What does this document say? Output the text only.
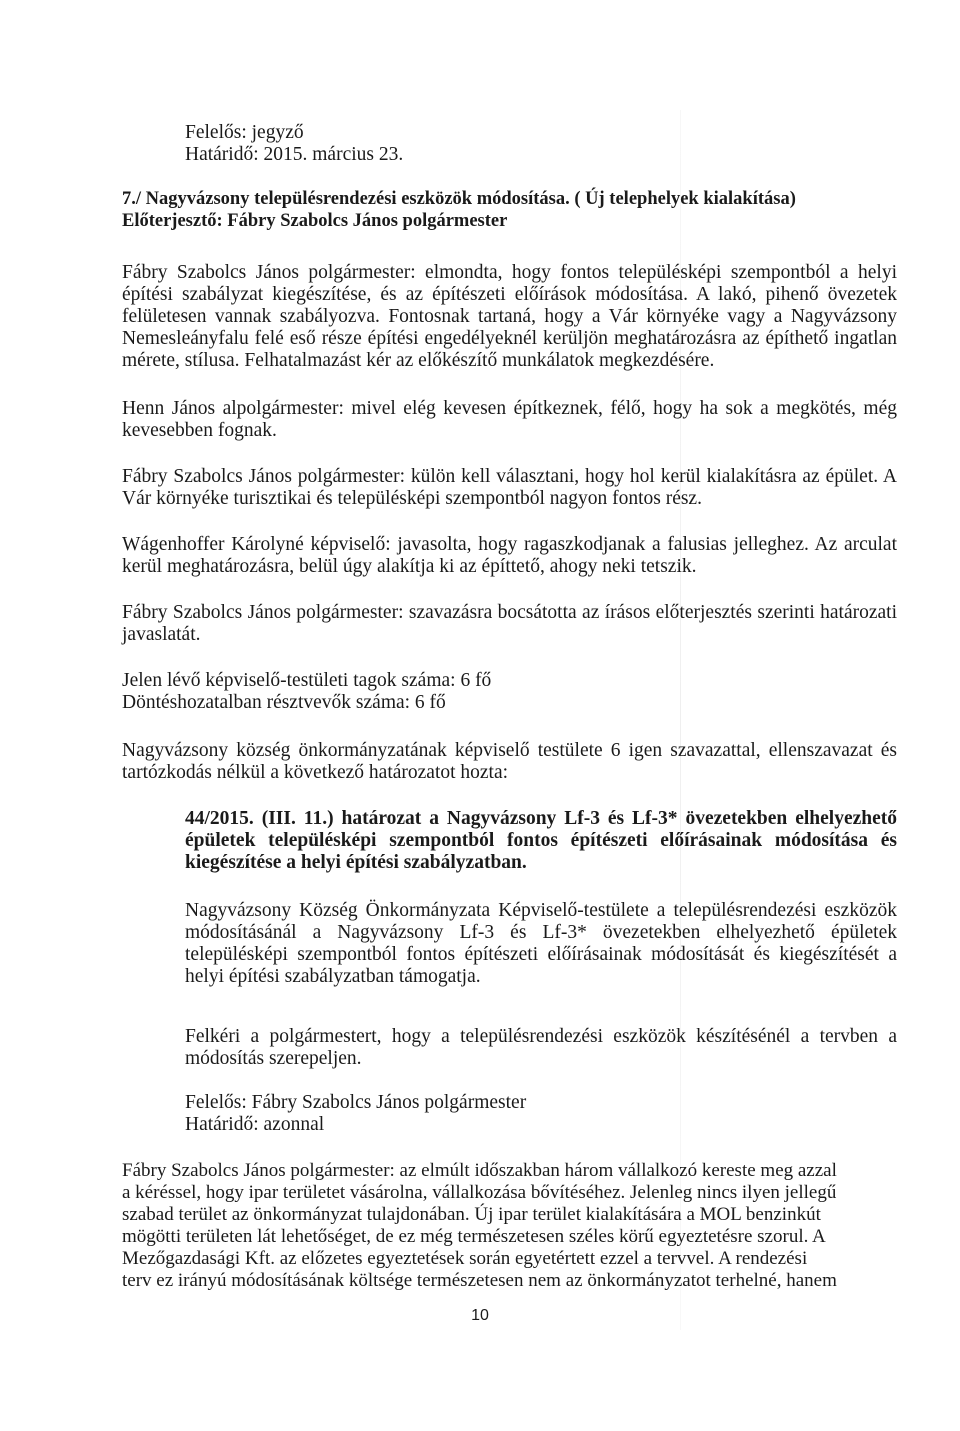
Felelős: jegyző
Határidő: 2015. március 23.
7./ Nagyvázsony településrendezési eszközök módosítása. ( Új telephelyek kialakítása)
Előterjesztő: Fábry Szabolcs János polgármester

Fábry Szabolcs János polgármester: elmondta, hogy fontos településképi szempontból a helyi építési szabályzat kiegészítése, és az építészeti előírások módosítása. A lakó, pihenő övezetek felületesen vannak szabályozva. Fontosnak tartaná, hogy a Vár környéke vagy a Nagyvázsony Nemesleányfalu felé eső része építési engedélyeknél kerüljön meghatározásra az építhető ingatlan mérete, stílusa. Felhatalmazást kér az előkészítő munkálatok megkezdésére.

Henn János alpolgármester: mivel elég kevesen építkeznek, félő, hogy ha sok a megkötés, még kevesebben fognak.

Fábry Szabolcs János polgármester: külön kell választani, hogy hol kerül kialakításra az épület. A Vár környéke turisztikai és településképi szempontból nagyon fontos rész.

Wágenhoffer Károlyné képviselő: javasolta, hogy ragaszkodjanak a falusias jelleghez. Az arculat kerül meghatározásra, belül úgy alakítja ki az építtető, ahogy neki tetszik.

Fábry Szabolcs János polgármester: szavazásra bocsátotta az írásos előterjesztés szerinti határozati javaslatát.

Jelen lévő képviselő-testületi tagok száma: 6 fő
Döntéshozatalban résztvevők száma: 6 fő

Nagyvázsony község önkormányzatának képviselő testülete 6 igen szavazattal, ellenszavazat és tartózkodás nélkül a következő határozatot hozta:

44/2015. (III. 11.) határozat a Nagyvázsony Lf-3 és Lf-3* övezetekben elhelyezhető épületek településképi szempontból fontos építészeti előírásainak módosítása és kiegészítése a helyi építési szabályzatban.

Nagyvázsony Község Önkormányzata Képviselő-testülete a településrendezési eszközök módosításánál a Nagyvázsony Lf-3 és Lf-3* övezetekben elhelyezhető épületek településképi szempontból fontos építészeti előírásainak módosítását és kiegészítését a helyi építési szabályzatban támogatja.

Felkéri a polgármestert, hogy a településrendezési eszközök készítésénél a tervben a módosítás szerepeljen.

Felelős: Fábry Szabolcs János polgármester
Határidő: azonnal
Fábry Szabolcs János polgármester: az elmúlt időszakban három vállalkozó kereste meg azzal
a kéréssel, hogy ipar területet vásárolna, vállalkozása bővítéséhez. Jelenleg nincs ilyen jellegű
szabad terület az önkormányzat tulajdonában. Új ipar terület kialakítására a MOL benzinkút
mögötti területen lát lehetőséget, de ez még természetesen széles körű egyeztetésre szorul. A
Mezőgazdasági Kft. az előzetes egyeztetések során egyetértett ezzel a tervvel. A rendezési
terv ez irányú módosításának költsége természetesen nem az önkormányzatot terhelné, hanem
10
